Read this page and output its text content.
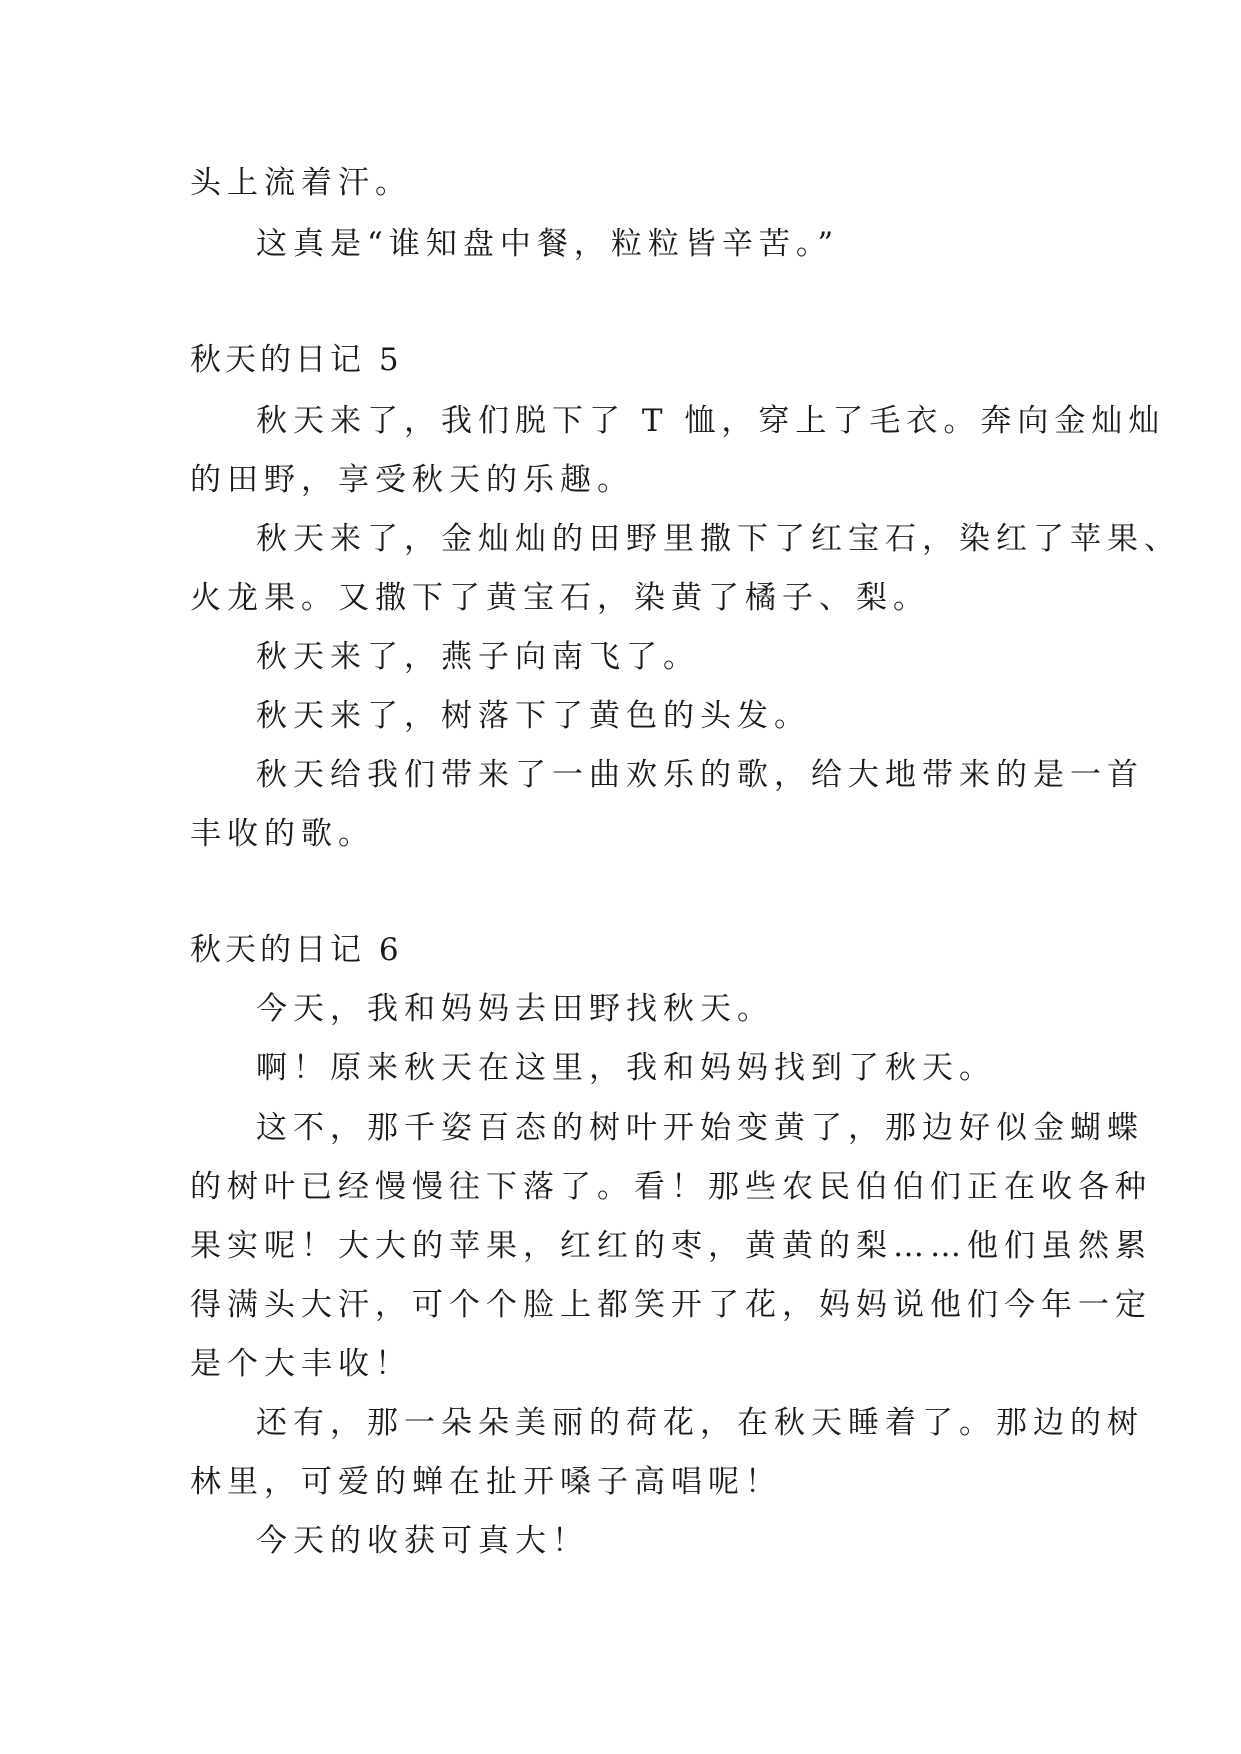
头上流着汗。
这真是“谁知盘中餐，粒粒皆辛苦。”
秋天的日记 5
秋天来了，我们脱下了 T 恤，穿上了毛衣。奔向金灿灿
的田野，享受秋天的乐趣。
秋天来了，金灿灿的田野里撒下了红宝石，染红了苹果、
火龙果。又撒下了黄宝石，染黄了橘子、梨。
秋天来了，燕子向南飞了。
秋天来了，树落下了黄色的头发。
秋天给我们带来了一曲欢乐的歌，给大地带来的是一首
丰收的歌。
秋天的日记 6
今天，我和妈妈去田野找秋天。
啊！原来秋天在这里，我和妈妈找到了秋天。
这不，那千姿百态的树叶开始变黄了，那边好似金蝴蝶
的树叶已经慢慢往下落了。看！那些农民伯伯们正在收各种
果实呢！大大的苹果，红红的枣，黄黄的梨……他们虽然累
得满头大汗，可个个脸上都笑开了花，妈妈说他们今年一定
是个大丰收！
还有，那一朵朵美丽的荷花，在秋天睡着了。那边的树
林里，可爱的蝉在扯开嗓子高唱呢！
今天的收获可真大！
